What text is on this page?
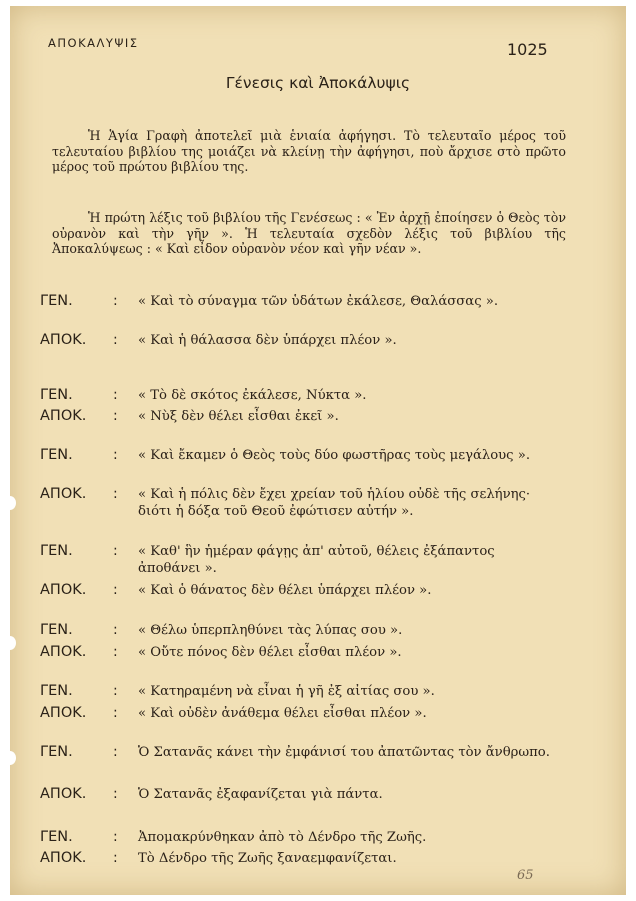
ΑΠΟΚΑΛΥΨΙΣ	1025
Γένεσις καὶ Ἀποκάλυψις

Ἡ Ἁγία Γραφὴ ἀποτελεῖ μιὰ ἑνιαία ἀφήγησι. Τὸ τελευταῖο μέρος τοῦ τελευταίου βιβλίου της μοιάζει νὰ κλείνῃ τὴν ἀφήγησι, ποὺ ἄρχισε στὸ πρῶτο μέρος τοῦ πρώτου βιβλίου της.

Ἡ πρώτη λέξις τοῦ βιβλίου τῆς Γενέσεως : « Ἐν ἀρχῇ ἐποίησεν ὁ Θεὸς τὸν οὐρανὸν καὶ τὴν γῆν ». Ἡ τελευταία σχεδὸν λέξις τοῦ βιβλίου τῆς Ἀποκαλύψεως : « Καὶ εἶδον οὐρανὸν νέον καὶ γῆν νέαν ».

ΓΕΝ.	: « Καὶ τὸ σύναγμα τῶν ὑδάτων ἐκάλεσε, Θαλάσσας ».
ΑΠΟΚ. : « Καὶ ἡ θάλασσα δὲν ὑπάρχει πλέον ».
ΓΕΝ.	: « Τὸ δὲ σκότος ἐκάλεσε, Νύκτα ».
ΑΠΟΚ. : « Νὺξ δὲν θέλει εἶσθαι ἐκεῖ ».
ΓΕΝ.	: « Καὶ ἔκαμεν ὁ Θεὸς τοὺς δύο φωστῆρας τοὺς μεγάλους ».
ΑΠΟΚ. : « Καὶ ἡ πόλις δὲν ἔχει χρείαν τοῦ ἡλίου οὐδὲ τῆς σελήνης· διότι ἡ δόξα τοῦ Θεοῦ ἐφώτισεν αὐτήν ».
ΓΕΝ.	: « Καθ' ἣν ἡμέραν φάγῃς ἀπ' αὐτοῦ, θέλεις ἐξάπαντος ἀποθάνει ».
ΑΠΟΚ. : « Καὶ ὁ θάνατος δὲν θέλει ὑπάρχει πλέον ».
ΓΕΝ.	: « Θέλω ὑπερπληθύνει τὰς λύπας σου ».
ΑΠΟΚ. : « Οὔτε πόνος δὲν θέλει εἶσθαι πλέον ».
ΓΕΝ.	: « Κατηραμένη νὰ εἶναι ἡ γῆ ἐξ αἰτίας σου ».
ΑΠΟΚ. : « Καὶ οὐδὲν ἀνάθεμα θέλει εἶσθαι πλέον ».
ΓΕΝ.	: Ὁ Σατανᾶς κάνει τὴν ἐμφάνισί του ἀπατῶντας τὸν ἄνθρωπο.
ΑΠΟΚ. : Ὁ Σατανᾶς ἐξαφανίζεται γιὰ πάντα.
ΓΕΝ.	: Ἀπομακρύνθηκαν ἀπὸ τὸ Δένδρο τῆς Ζωῆς.
ΑΠΟΚ. : Τὸ Δένδρο τῆς Ζωῆς ξαναεμφανίζεται.
65
